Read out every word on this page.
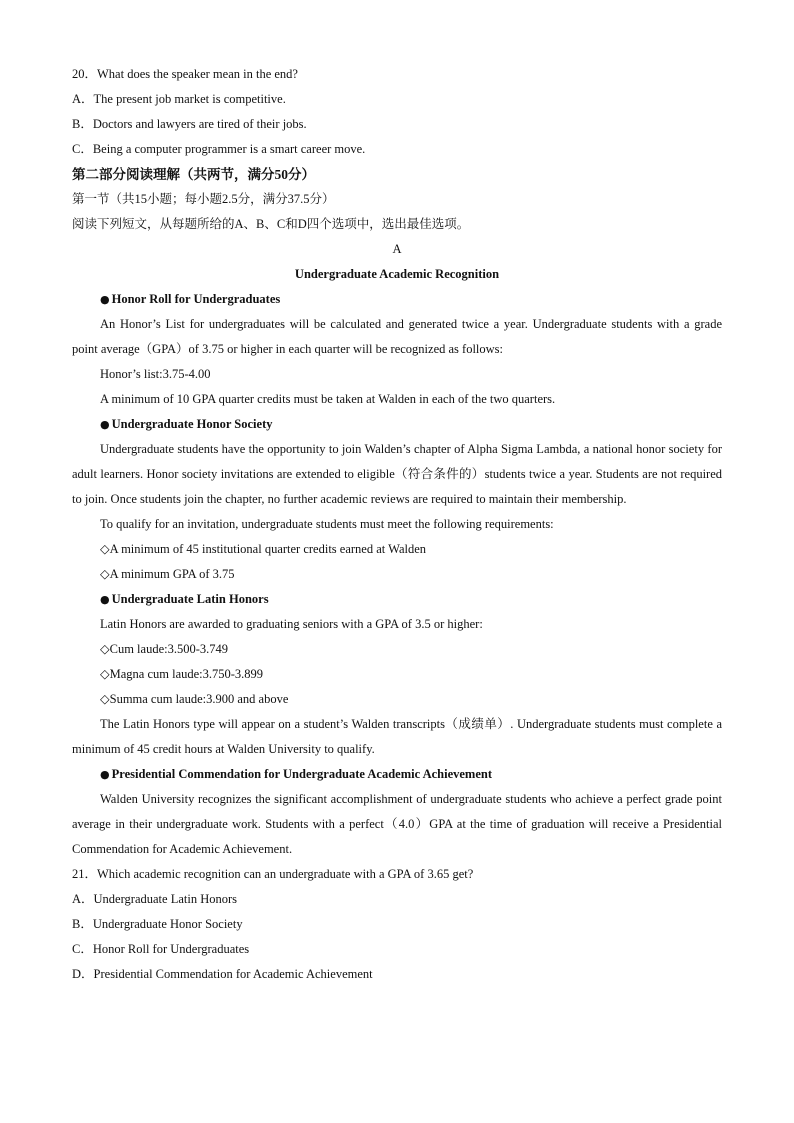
20．What does the speaker mean in the end?

A．The present job market is competitive.

B．Doctors and lawyers are tired of their jobs.

C．Being a computer programmer is a smart career move.

第二部分阅读理解（共两节，满分50分）

第一节（共15小题；每小题2.5分，满分37.5分）

阅读下列短文，从每题所给的A、B、C和D四个选项中，选出最佳选项。

A

Undergraduate Academic Recognition

● Honor Roll for Undergraduates

An Honor’s List for undergraduates will be calculated and generated twice a year. Undergraduate students with a grade point average（GPA）of 3.75 or higher in each quarter will be recognized as follows:

Honor’s list:3.75-4.00

A minimum of 10 GPA quarter credits must be taken at Walden in each of the two quarters.

● Undergraduate Honor Society

Undergraduate students have the opportunity to join Walden’s chapter of Alpha Sigma Lambda, a national honor society for adult learners. Honor society invitations are extended to eligible（符合条件的）students twice a year. Students are not required to join. Once students join the chapter, no further academic reviews are required to maintain their membership.

To qualify for an invitation, undergraduate students must meet the following requirements:

◇A minimum of 45 institutional quarter credits earned at Walden

◇A minimum GPA of 3.75

● Undergraduate Latin Honors

Latin Honors are awarded to graduating seniors with a GPA of 3.5 or higher:

◇Cum laude:3.500-3.749

◇Magna cum laude:3.750-3.899

◇Summa cum laude:3.900 and above

The Latin Honors type will appear on a student’s Walden transcripts（成绩单）. Undergraduate students must complete a minimum of 45 credit hours at Walden University to qualify.

● Presidential Commendation for Undergraduate Academic Achievement

Walden University recognizes the significant accomplishment of undergraduate students who achieve a perfect grade point average in their undergraduate work. Students with a perfect（4.0）GPA at the time of graduation will receive a Presidential Commendation for Academic Achievement.

21．Which academic recognition can an undergraduate with a GPA of 3.65 get?

A．Undergraduate Latin Honors

B．Undergraduate Honor Society

C．Honor Roll for Undergraduates

D．Presidential Commendation for Academic Achievement
